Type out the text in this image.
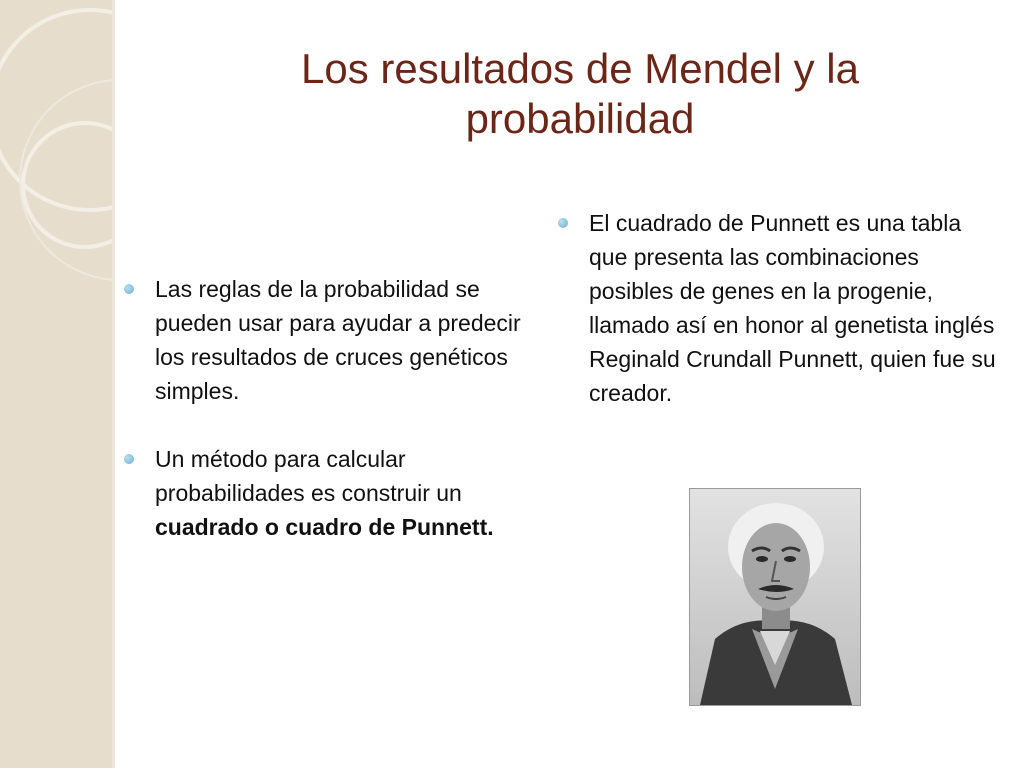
Los resultados de Mendel y la probabilidad
Las reglas de la probabilidad se pueden usar para ayudar a predecir los resultados de cruces genéticos simples.
Un método para calcular probabilidades es construir un cuadrado o cuadro de Punnett.
El cuadrado de Punnett es una tabla que presenta las combinaciones posibles de genes en la progenie, llamado así en honor al genetista inglés Reginald Crundall Punnett, quien fue su creador.
